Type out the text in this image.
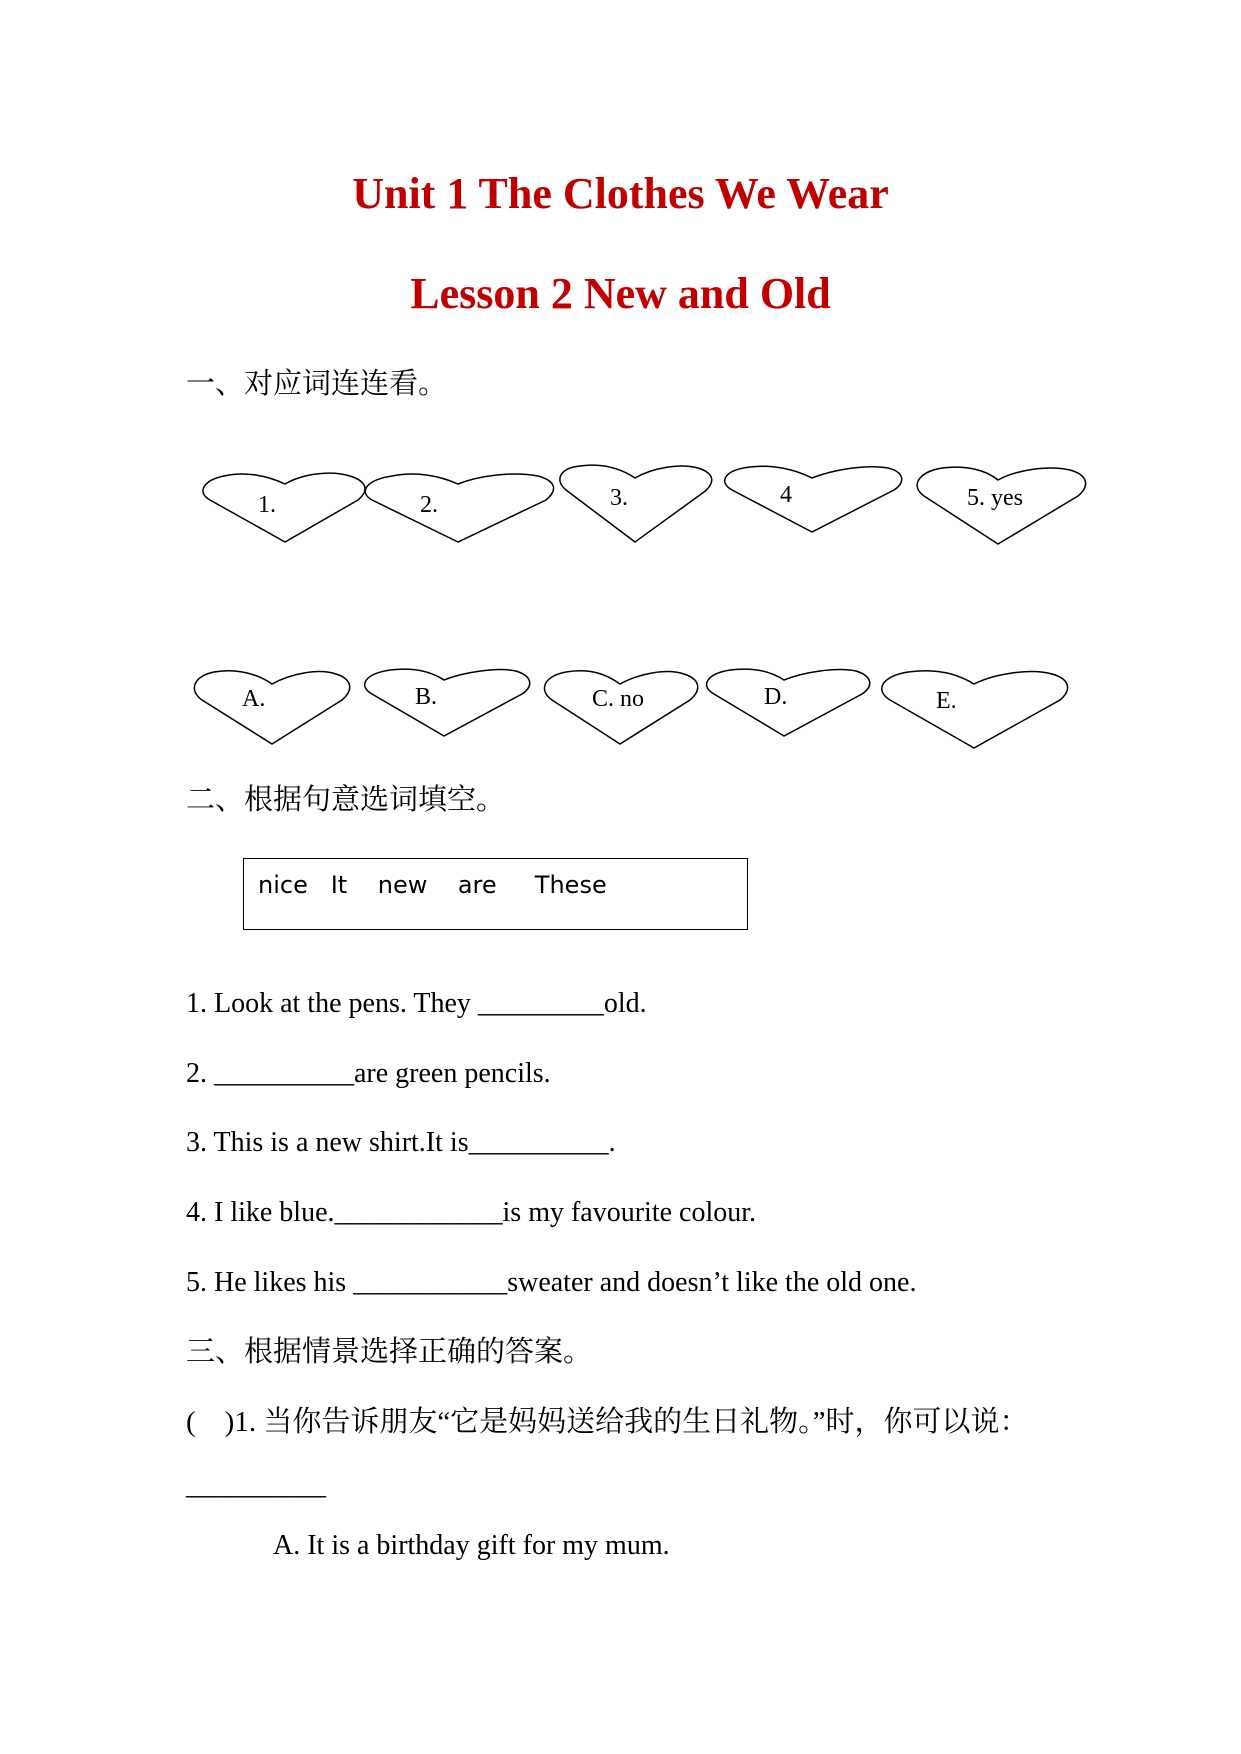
Unit 1 The Clothes We Wear
Lesson 2 New and Old
一、对应词连连看。
1.	2.	3.	4	5. yes
A.	B.	C. no	D.	E.
二、根据句意选词填空。
nice   It    new    are     These
1. Look at the pens. They _________old.
2. __________are green pencils.
3. This is a new shirt.It is__________.
4. I like blue.____________is my favourite colour.
5. He likes his ___________sweater and doesn’t like the old one.
三、根据情景选择正确的答案。
(    )1. 当你告诉朋友“它是妈妈送给我的生日礼物。”时，你可以说：
__________
A. It is a birthday gift for my mum.
